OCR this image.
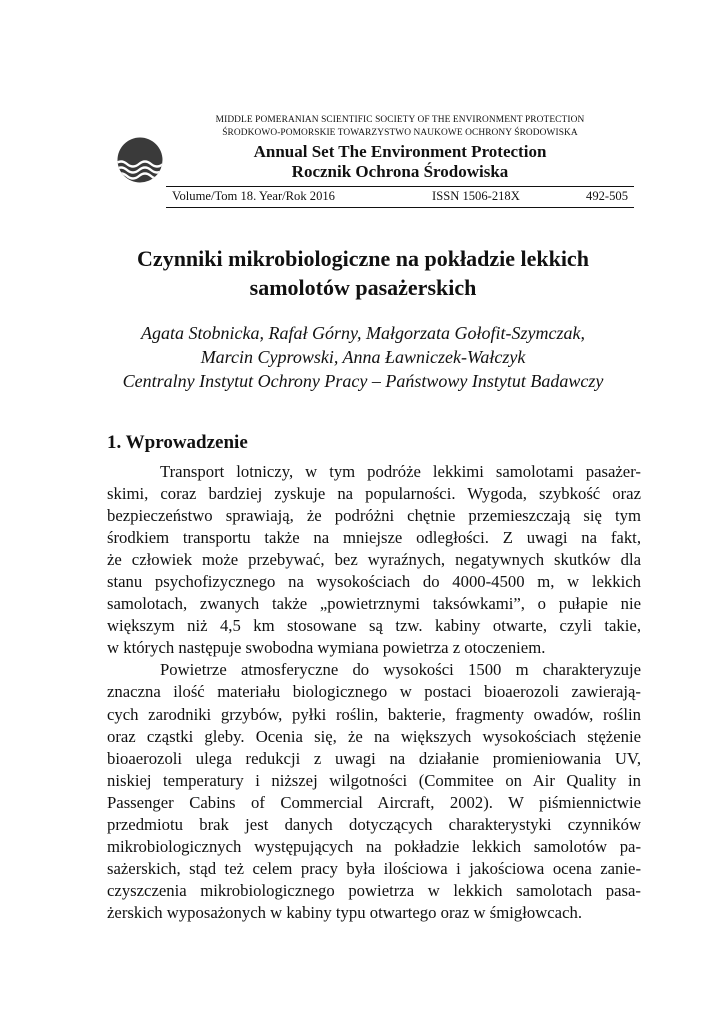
MIDDLE POMERANIAN SCIENTIFIC SOCIETY OF THE ENVIRONMENT PROTECTION
ŚRODKOWO-POMORSKIE TOWARZYSTWO NAUKOWE OCHRONY ŚRODOWISKA
Annual Set The Environment Protection
Rocznik Ochrona Środowiska
Volume/Tom 18. Year/Rok 2016	ISSN 1506-218X	492-505
Czynniki mikrobiologiczne na pokładzie lekkich
samolotów pasażerskich
Agata Stobnicka, Rafał Górny, Małgorzata Gołofit-Szymczak,
Marcin Cyprowski, Anna Ławniczek-Wałczyk
Centralny Instytut Ochrony Pracy – Państwowy Instytut Badawczy
1. Wprowadzenie
Transport lotniczy, w tym podróże lekkimi samolotami pasażer-
skimi, coraz bardziej zyskuje na popularności. Wygoda, szybkość oraz
bezpieczeństwo sprawiają, że podróżni chętnie przemieszczają się tym
środkiem transportu także na mniejsze odległości. Z uwagi na fakt,
że człowiek może przebywać, bez wyraźnych, negatywnych skutków dla
stanu psychofizycznego na wysokościach do 4000-4500 m, w lekkich
samolotach, zwanych także „powietrznymi taksówkami”, o pułapie nie
większym niż 4,5 km stosowane są tzw. kabiny otwarte, czyli takie,
w których następuje swobodna wymiana powietrza z otoczeniem.
Powietrze atmosferyczne do wysokości 1500 m charakteryzuje
znaczna ilość materiału biologicznego w postaci bioaerozoli zawierają-
cych zarodniki grzybów, pyłki roślin, bakterie, fragmenty owadów, roślin
oraz cząstki gleby. Ocenia się, że na większych wysokościach stężenie
bioaerozoli ulega redukcji z uwagi na działanie promieniowania UV,
niskiej temperatury i niższej wilgotności (Commitee on Air Quality in
Passenger Cabins of Commercial Aircraft, 2002). W piśmiennictwie
przedmiotu brak jest danych dotyczących charakterystyki czynników
mikrobiologicznych występujących na pokładzie lekkich samolotów pa-
sażerskich, stąd też celem pracy była ilościowa i jakościowa ocena zanie-
czyszczenia mikrobiologicznego powietrza w lekkich samolotach pasa-
żerskich wyposażonych w kabiny typu otwartego oraz w śmigłowcach.
